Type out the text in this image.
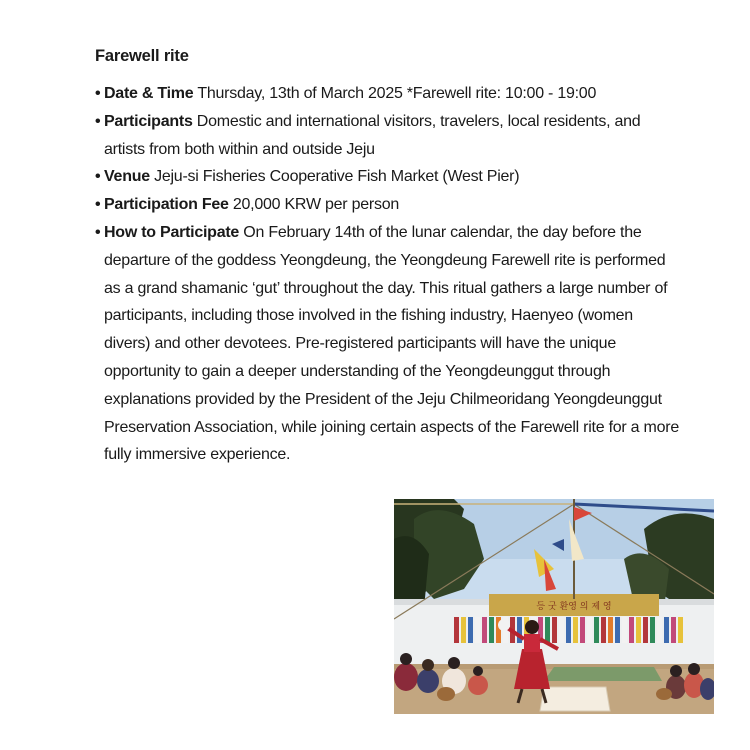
Farewell rite
• Date & Time Thursday, 13th of March 2025 *Farewell rite: 10:00 - 19:00
• Participants Domestic and international visitors, travelers, local residents, and artists from both within and outside Jeju
• Venue Jeju-si Fisheries Cooperative Fish Market (West Pier)
• Participation Fee 20,000 KRW per person
• How to Participate On February 14th of the lunar calendar, the day before the departure of the goddess Yeongdeung, the Yeongdeung Farewell rite is performed as a grand shamanic ‘gut’ throughout the day. This ritual gathers a large number of participants, including those involved in the fishing industry, Haenyeo (women divers) and other devotees. Pre-registered participants will have the unique opportunity to gain a deeper understanding of the Yeongdeunggut through explanations provided by the President of the Jeju Chilmeoridang Yeongdeunggut Preservation Association, while joining certain aspects of the Farewell rite for a more fully immersive experience.
등 굿 환영 의 제 영
